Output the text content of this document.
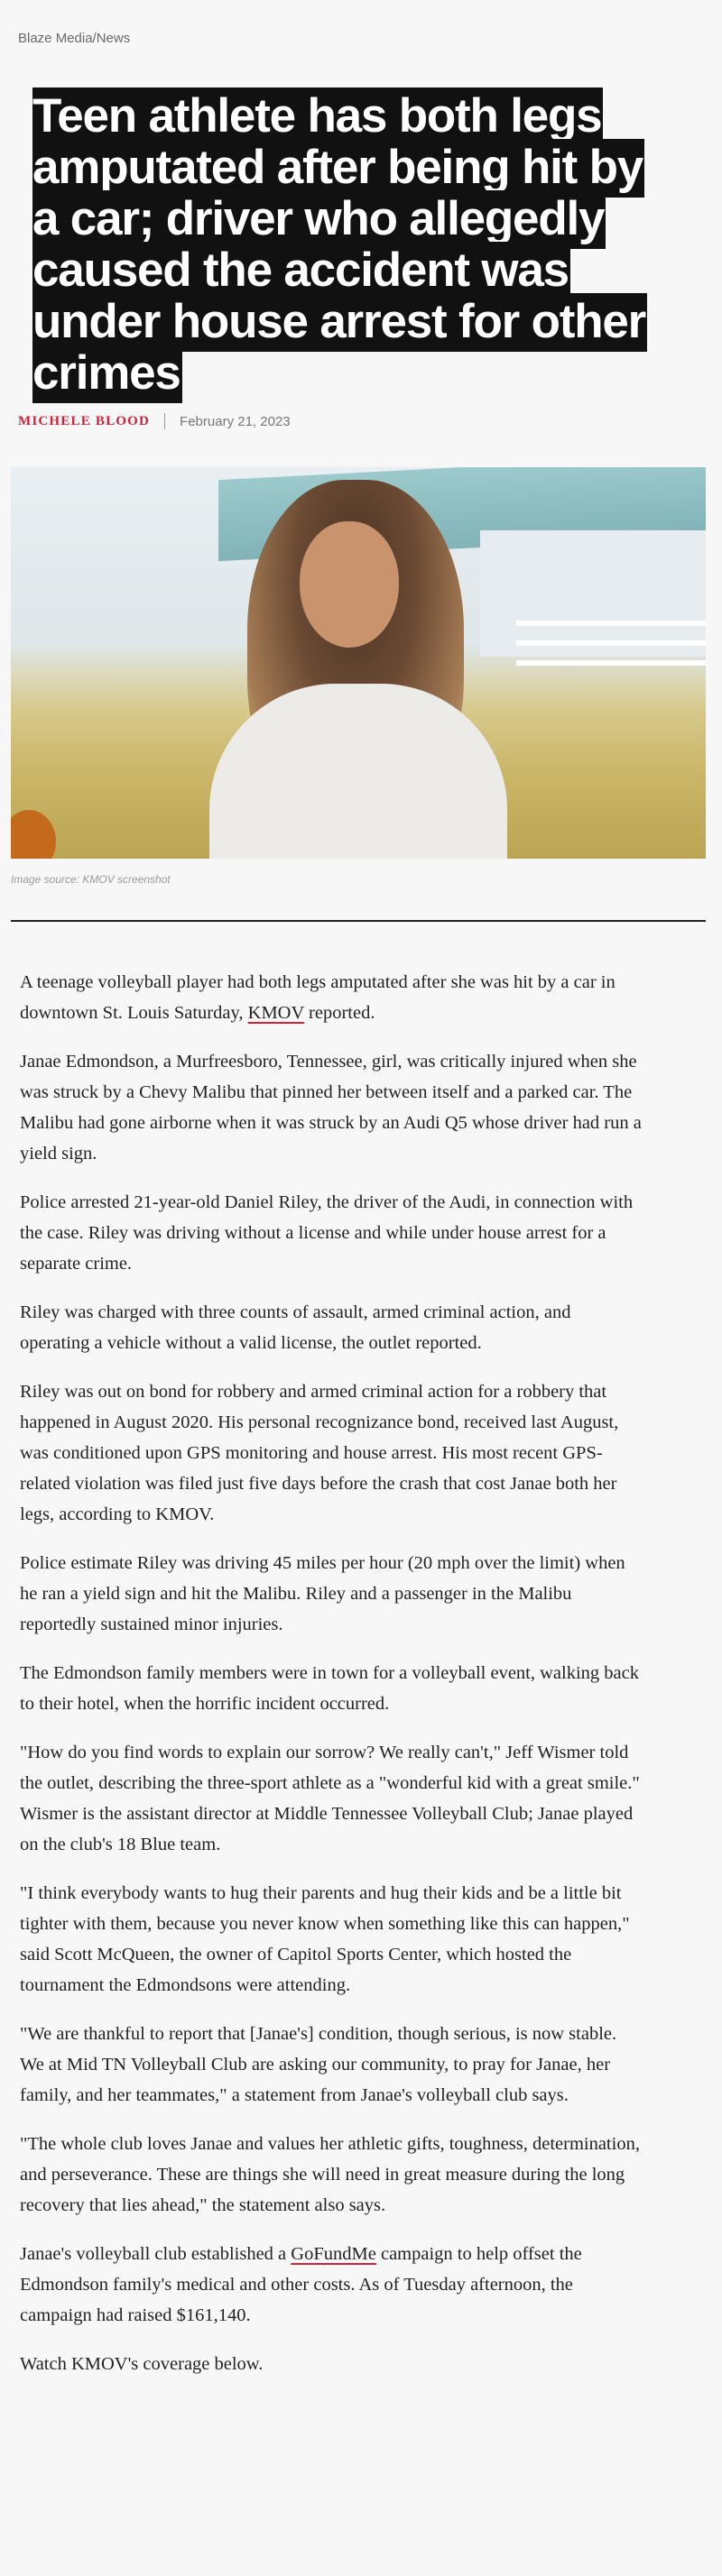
Blaze Media/News
Teen athlete has both legs amputated after being hit by a car; driver who allegedly caused the accident was under house arrest for other crimes
MICHELE BLOOD February 21, 2023
Image source: KMOV screenshot

A teenage volleyball player had both legs amputated after she was hit by a car in downtown St. Louis Saturday, KMOV reported.

Janae Edmondson, a Murfreesboro, Tennessee, girl, was critically injured when she was struck by a Chevy Malibu that pinned her between itself and a parked car. The Malibu had gone airborne when it was struck by an Audi Q5 whose driver had run a yield sign.

Police arrested 21-year-old Daniel Riley, the driver of the Audi, in connection with the case. Riley was driving without a license and while under house arrest for a separate crime.

Riley was charged with three counts of assault, armed criminal action, and operating a vehicle without a valid license, the outlet reported.

Riley was out on bond for robbery and armed criminal action for a robbery that happened in August 2020. His personal recognizance bond, received last August, was conditioned upon GPS monitoring and house arrest. His most recent GPS-related violation was filed just five days before the crash that cost Janae both her legs, according to KMOV.

Police estimate Riley was driving 45 miles per hour (20 mph over the limit) when he ran a yield sign and hit the Malibu. Riley and a passenger in the Malibu reportedly sustained minor injuries.

The Edmondson family members were in town for a volleyball event, walking back to their hotel, when the horrific incident occurred.

"How do you find words to explain our sorrow? We really can't," Jeff Wismer told the outlet, describing the three-sport athlete as a "wonderful kid with a great smile."

Wismer is the assistant director at Middle Tennessee Volleyball Club; Janae played on the club's 18 Blue team.

"I think everybody wants to hug their parents and hug their kids and be a little bit tighter with them, because you never know when something like this can happen," said Scott McQueen, the owner of Capitol Sports Center, which hosted the tournament the Edmondsons were attending.

"We are thankful to report that [Janae's] condition, though serious, is now stable. We at Mid TN Volleyball Club are asking our community, to pray for Janae, her family, and her teammates," a statement from Janae's volleyball club says.

"The whole club loves Janae and values her athletic gifts, toughness, determination, and perseverance. These are things she will need in great measure during the long recovery that lies ahead," the statement also says.

Janae's volleyball club established a GoFundMe campaign to help offset the Edmondson family's medical and other costs. As of Tuesday afternoon, the campaign had raised $161,140.

Watch KMOV's coverage below.
